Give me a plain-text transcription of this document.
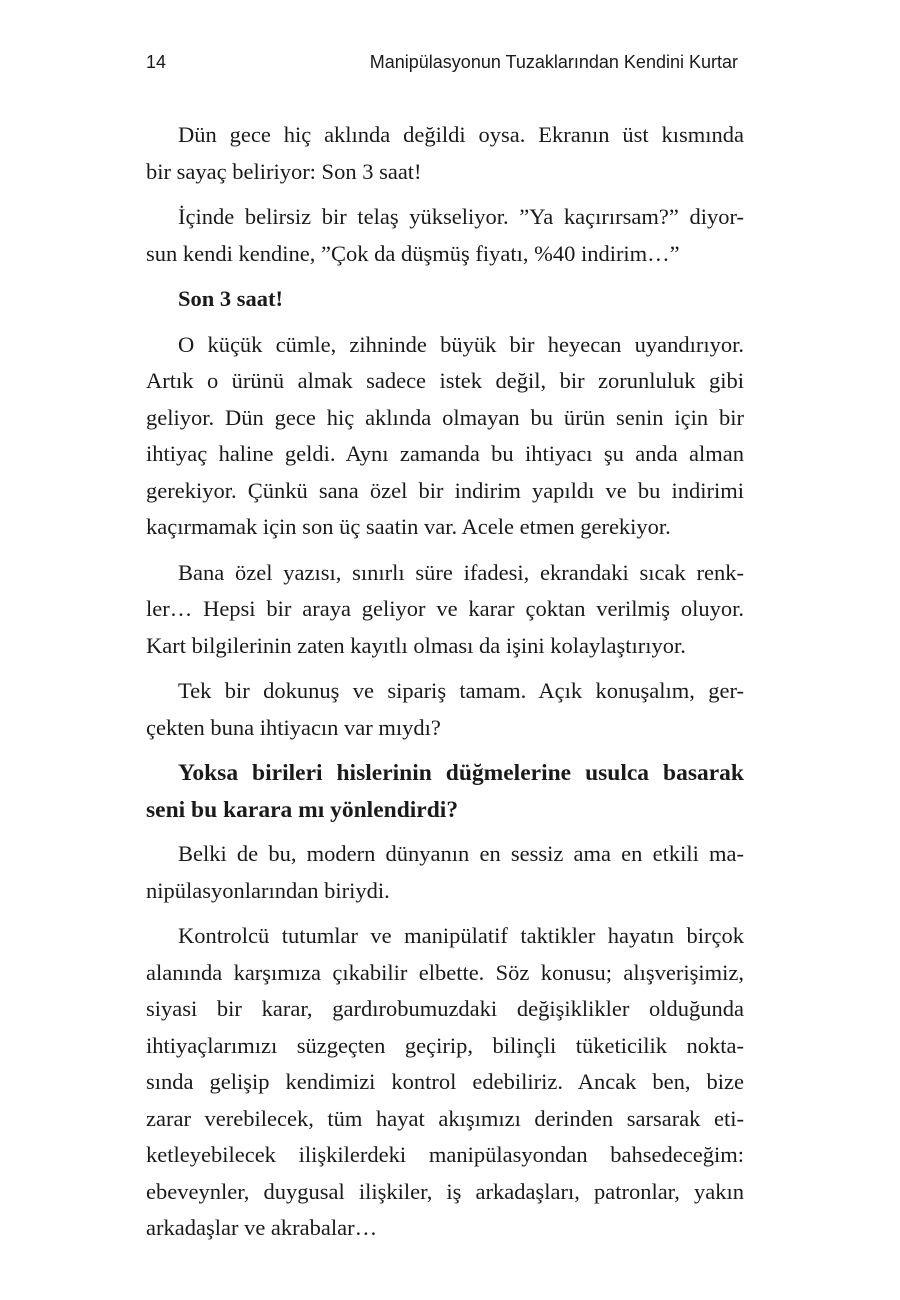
14	Manipülasyonun Tuzaklarından Kendini Kurtar
Dün gece hiç aklında değildi oysa. Ekranın üst kısmında
bir sayaç beliriyor: Son 3 saat!
İçinde belirsiz bir telaş yükseliyor. ”Ya kaçırırsam?” diyor-
sun kendi kendine, ”Çok da düşmüş fiyatı, %40 indirim…”
Son 3 saat!
O küçük cümle, zihninde büyük bir heyecan uyandırıyor.
Artık o ürünü almak sadece istek değil, bir zorunluluk gibi
geliyor. Dün gece hiç aklında olmayan bu ürün senin için bir
ihtiyaç haline geldi. Aynı zamanda bu ihtiyacı şu anda alman
gerekiyor. Çünkü sana özel bir indirim yapıldı ve bu indirimi
kaçırmamak için son üç saatin var. Acele etmen gerekiyor.
Bana özel yazısı, sınırlı süre ifadesi, ekrandaki sıcak renk-
ler… Hepsi bir araya geliyor ve karar çoktan verilmiş oluyor.
Kart bilgilerinin zaten kayıtlı olması da işini kolaylaştırıyor.
Tek bir dokunuş ve sipariş tamam. Açık konuşalım, ger-
çekten buna ihtiyacın var mıydı?
Yoksa birileri hislerinin düğmelerine usulca basarak
seni bu karara mı yönlendirdi?
Belki de bu, modern dünyanın en sessiz ama en etkili ma-
nipülasyonlarından biriydi.
Kontrolcü tutumlar ve manipülatif taktikler hayatın birçok
alanında karşımıza çıkabilir elbette. Söz konusu; alışverişimiz,
siyasi bir karar, gardırobumuzdaki değişiklikler olduğunda
ihtiyaçlarımızı süzgeçten geçirip, bilinçli tüketicilik nokta-
sında gelişip kendimizi kontrol edebiliriz. Ancak ben, bize
zarar verebilecek, tüm hayat akışımızı derinden sarsarak eti-
ketleyebilecek ilişkilerdeki manipülasyondan bahsedeceğim:
ebeveynler, duygusal ilişkiler, iş arkadaşları, patronlar, yakın
arkadaşlar ve akrabalar…
